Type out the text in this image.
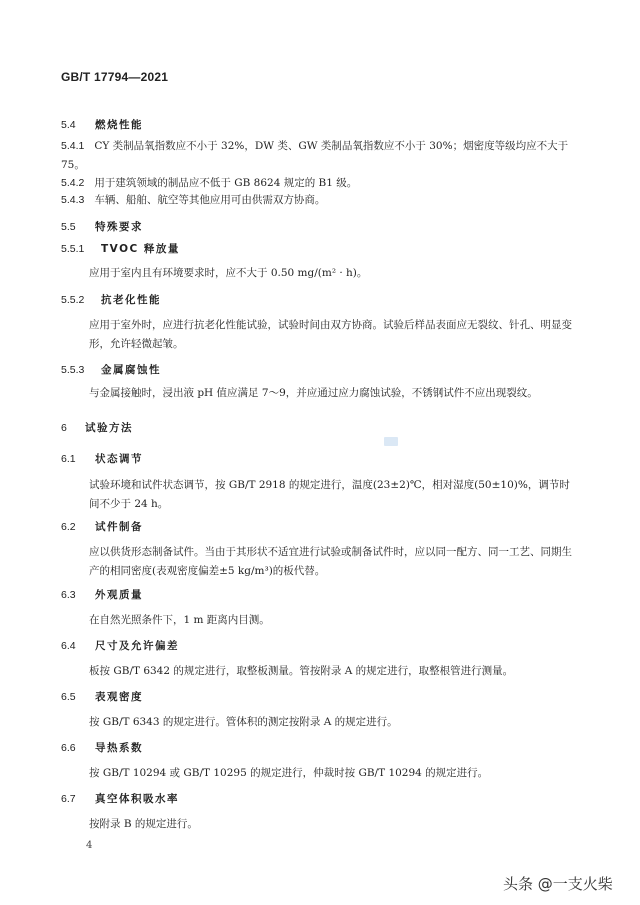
GB/T 17794—2021
5.4 燃烧性能
5.4.1 CY 类制品氧指数应不小于 32%，DW 类、GW 类制品氧指数应不小于 30%；烟密度等级均应不大于 75。
5.4.2 用于建筑领域的制品应不低于 GB 8624 规定的 B1 级。
5.4.3 车辆、船舶、航空等其他应用可由供需双方协商。
5.5 特殊要求
5.5.1 TVOC 释放量
应用于室内且有环境要求时，应不大于 0.50 mg/(m² · h)。
5.5.2 抗老化性能
应用于室外时，应进行抗老化性能试验，试验时间由双方协商。试验后样品表面应无裂纹、针孔、明显变形，允许轻微起皱。
5.5.3 金属腐蚀性
与金属接触时，浸出液 pH 值应满足 7～9，并应通过应力腐蚀试验，不锈钢试件不应出现裂纹。
6 试验方法
6.1 状态调节
试验环境和试件状态调节，按 GB/T 2918 的规定进行，温度(23±2)℃，相对湿度(50±10)%，调节时间不少于 24 h。
6.2 试件制备
应以供货形态制备试件。当由于其形状不适宜进行试验或制备试件时，应以同一配方、同一工艺、同期生产的相同密度(表观密度偏差±5 kg/m³)的板代替。
6.3 外观质量
在自然光照条件下，1 m 距离内目测。
6.4 尺寸及允许偏差
板按 GB/T 6342 的规定进行，取整板测量。管按附录 A 的规定进行，取整根管进行测量。
6.5 表观密度
按 GB/T 6343 的规定进行。管体积的测定按附录 A 的规定进行。
6.6 导热系数
按 GB/T 10294 或 GB/T 10295 的规定进行，仲裁时按 GB/T 10294 的规定进行。
6.7 真空体积吸水率
按附录 B 的规定进行。
4
头条 @一支火柴
